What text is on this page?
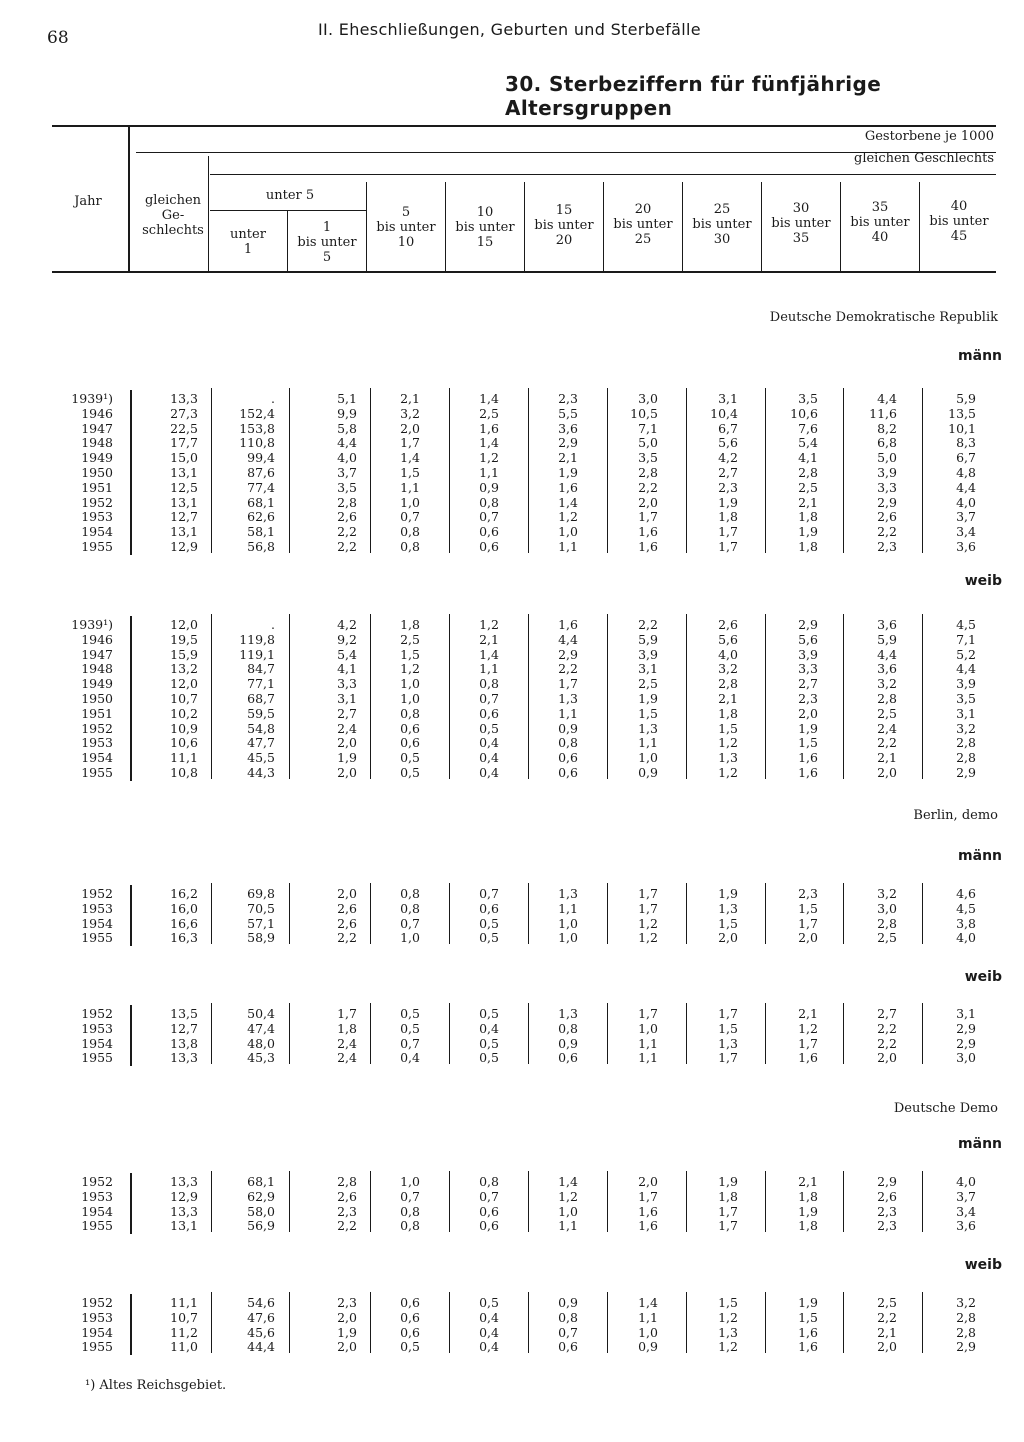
68	II. Eheschließungen, Geburten und Sterbefälle
30. Sterbeziffern für fünfjährige Altersgruppen
Jahr
Gestorbene je 1000
gleichen Geschlechts
gleichen
Ge-
schlechts
unter 5
unter
1
1
bis unter
5
5
bis unter
10
10
bis unter
15
15
bis unter
20
20
bis unter
25
25
bis unter
30
30
bis unter
35
35
bis unter
40
40
bis unter
45
Deutsche Demokratische Republik
männ
1939¹)
1946
1947
1948
1949
1950
1951
1952
1953
1954
1955
13,3
27,3
22,5
17,7
15,0
13,1
12,5
13,1
12,7
13,1
12,9
.
152,4
153,8
110,8
99,4
87,6
77,4
68,1
62,6
58,1
56,8
5,1
9,9
5,8
4,4
4,0
3,7
3,5
2,8
2,6
2,2
2,2
2,1
3,2
2,0
1,7
1,4
1,5
1,1
1,0
0,7
0,8
0,8
1,4
2,5
1,6
1,4
1,2
1,1
0,9
0,8
0,7
0,6
0,6
2,3
5,5
3,6
2,9
2,1
1,9
1,6
1,4
1,2
1,0
1,1
3,0
10,5
7,1
5,0
3,5
2,8
2,2
2,0
1,7
1,6
1,6
3,1
10,4
6,7
5,6
4,2
2,7
2,3
1,9
1,8
1,7
1,7
3,5
10,6
7,6
5,4
4,1
2,8
2,5
2,1
1,8
1,9
1,8
4,4
11,6
8,2
6,8
5,0
3,9
3,3
2,9
2,6
2,2
2,3
5,9
13,5
10,1
8,3
6,7
4,8
4,4
4,0
3,7
3,4
3,6
weib
1939¹)
1946
1947
1948
1949
1950
1951
1952
1953
1954
1955
12,0
19,5
15,9
13,2
12,0
10,7
10,2
10,9
10,6
11,1
10,8
.
119,8
119,1
84,7
77,1
68,7
59,5
54,8
47,7
45,5
44,3
4,2
9,2
5,4
4,1
3,3
3,1
2,7
2,4
2,0
1,9
2,0
1,8
2,5
1,5
1,2
1,0
1,0
0,8
0,6
0,6
0,5
0,5
1,2
2,1
1,4
1,1
0,8
0,7
0,6
0,5
0,4
0,4
0,4
1,6
4,4
2,9
2,2
1,7
1,3
1,1
0,9
0,8
0,6
0,6
2,2
5,9
3,9
3,1
2,5
1,9
1,5
1,3
1,1
1,0
0,9
2,6
5,6
4,0
3,2
2,8
2,1
1,8
1,5
1,2
1,3
1,2
2,9
5,6
3,9
3,3
2,7
2,3
2,0
1,9
1,5
1,6
1,6
3,6
5,9
4,4
3,6
3,2
2,8
2,5
2,4
2,2
2,1
2,0
4,5
7,1
5,2
4,4
3,9
3,5
3,1
3,2
2,8
2,8
2,9
Berlin, demo
männ
1952
1953
1954
1955
16,2
16,0
16,6
16,3
69,8
70,5
57,1
58,9
2,0
2,6
2,6
2,2
0,8
0,8
0,7
1,0
0,7
0,6
0,5
0,5
1,3
1,1
1,0
1,0
1,7
1,7
1,2
1,2
1,9
1,3
1,5
2,0
2,3
1,5
1,7
2,0
3,2
3,0
2,8
2,5
4,6
4,5
3,8
4,0
weib
1952
1953
1954
1955
13,5
12,7
13,8
13,3
50,4
47,4
48,0
45,3
1,7
1,8
2,4
2,4
0,5
0,5
0,7
0,4
0,5
0,4
0,5
0,5
1,3
0,8
0,9
0,6
1,7
1,0
1,1
1,1
1,7
1,5
1,3
1,7
2,1
1,2
1,7
1,6
2,7
2,2
2,2
2,0
3,1
2,9
2,9
3,0
Deutsche Demo
männ
1952
1953
1954
1955
13,3
12,9
13,3
13,1
68,1
62,9
58,0
56,9
2,8
2,6
2,3
2,2
1,0
0,7
0,8
0,8
0,8
0,7
0,6
0,6
1,4
1,2
1,0
1,1
2,0
1,7
1,6
1,6
1,9
1,8
1,7
1,7
2,1
1,8
1,9
1,8
2,9
2,6
2,3
2,3
4,0
3,7
3,4
3,6
weib
1952
1953
1954
1955
11,1
10,7
11,2
11,0
54,6
47,6
45,6
44,4
2,3
2,0
1,9
2,0
0,6
0,6
0,6
0,5
0,5
0,4
0,4
0,4
0,9
0,8
0,7
0,6
1,4
1,1
1,0
0,9
1,5
1,2
1,3
1,2
1,9
1,5
1,6
1,6
2,5
2,2
2,1
2,0
3,2
2,8
2,8
2,9
¹) Altes Reichsgebiet.
